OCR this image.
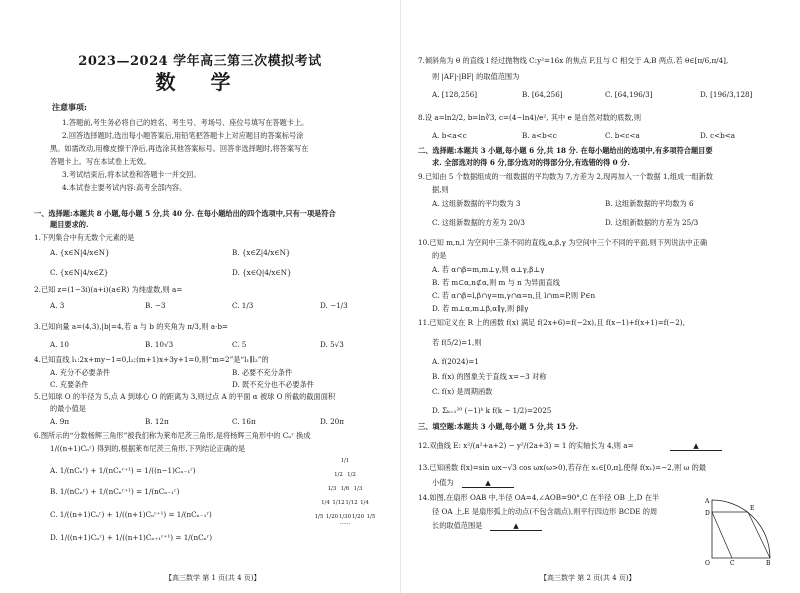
2023—2024 学年高三第三次模拟考试
数 学
注意事项:
1.答题前,考生务必将自己的姓名、考生号、考场号、座位号填写在答题卡上。
2.回答选择题时,选出每小题答案后,用铅笔把答题卡上对应题目的答案标号涂
黑。如需改动,用橡皮擦干净后,再选涂其他答案标号。回答非选择题时,将答案写在
答题卡上。写在本试卷上无效。
3.考试结束后,将本试卷和答题卡一并交回。
4.本试卷主要考试内容:高考全部内容。
一、选择题:本题共 8 小题,每小题 5 分,共 40 分. 在每小题给出的四个选项中,只有一项是符合
题目要求的.
1.下列集合中有无数个元素的是
A. {x∈N|4/x∈N}	B. {x∈Z|4/x∈N}
C. {x∈N|4/x∈Z}	D. {x∈Q|4/x∈N}
2.已知 z=(1−3i)(a+i)(a∈R) 为纯虚数,则 a=
A. 3	B. −3	C. 1/3	D. −1/3
3.已知向量 a=(4,3),|b|=4,若 a 与 b 的夹角为 π/3,则 a·b=
A. 10	B. 10√3	C. 5	D. 5√3
4.已知直线 l₁:2x+my−1=0,l₂:(m+1)x+3y+1=0,则“m=2”是“l₁∥l₂”的
A. 充分不必要条件	B. 必要不充分条件
C. 充要条件	D. 既不充分也不必要条件
5.已知球 O 的半径为 5,点 A 到球心 O 的距离为 3,则过点 A 的平面 α 被球 O 所截的截面面积
的最小值是
A. 9π	B. 12π	C. 16π	D. 20π
6.图所示的“分数杨辉三角形”被我们称为莱布尼茨三角形,是将杨辉三角形中的 Cₙʳ 换成
1/((n+1)Cₙʳ) 得到的,根据莱布尼茨三角形,下列结论正确的是
A. 1/(nCₙʳ) + 1/(nCₙʳ⁺¹) = 1/((n−1)Cₙ₋₁ʳ)
B. 1/(nCₙʳ) + 1/(nCₙʳ⁺¹) = 1/(nCₙ₋₁ʳ)
C. 1/((n+1)Cₙʳ) + 1/((n+1)Cₙʳ⁺¹) = 1/(nCₙ₋₁ʳ)
D. 1/((n+1)Cₙʳ) + 1/((n+1)Cₙ₊₁ʳ⁺¹) = 1/(nCₙʳ)
1/1
1/2 1/2
1/3 1/6 1/3
1/4 1/121/12 1/4
1/5 1/201/301/20 1/5
……
【高三数学 第 1 页(共 4 页)】
7.倾斜角为 θ 的直线 l 经过抛物线 C:y²=16x 的焦点 F,且与 C 相交于 A,B 两点.若 θ∈[π/6,π/4],
则 |AF|·|BF| 的取值范围为
A. [128,256]	B. [64,256]	C. [64,196/3]	D. [196/3,128]
8.设 a=ln2/2, b=ln∛3, c=(4−ln4)/e², 其中 e 是自然对数的底数,则
A. b<a<c	B. a<b<c	C. b<c<a	D. c<b<a
二、选择题:本题共 3 小题,每小题 6 分,共 18 分. 在每小题给出的选项中,有多项符合题目要
求. 全部选对的得 6 分,部分选对的得部分分,有选错的得 0 分.
9.已知由 5 个数据组成的一组数据的平均数为 7,方差为 2,现再加入一个数据 1,组成一组新数
据,则
A. 这组新数据的平均数为 3	B. 这组新数据的平均数为 6
C. 这组新数据的方差为 20/3	D. 这组新数据的方差为 25/3
10.已知 m,n,l 为空间中三条不同的直线,α,β,γ 为空间中三个不同的平面,则下列说法中正确
的是
A. 若 α∩β=m,m⊥γ,则 α⊥γ,β⊥γ
B. 若 m⊂α,n⊄α,则 m 与 n 为异面直线
C. 若 α∩β=l,β∩γ=m,γ∩α=n,且 l∩m=P,则 P∈n
D. 若 m⊥α,m⊥β,α∥γ,则 β∥γ
11.已知定义在 R 上的函数 f(x) 满足 f(2x+6)=f(−2x),且 f(x−1)+f(x+1)=f(−2),
若 f(5/2)=1,则
A. f(2024)=1
B. f(x) 的图象关于直线 x=−3 对称
C. f(x) 是周期函数
D. Σₖ₌₁²⁰ (−1)ᵏ k f(k − 1/2)=2025
三、填空题:本题共 3 小题,每小题 5 分,共 15 分.
12.双曲线 E: x²/(a²+a+2) − y²/(2a+3) = 1 的实轴长为 4,则 a=	▲
13.已知函数 f(x)=sin ωx−√3 cos ωx(ω>0),若存在 x₁∈[0,π],使得 f(x₁)=−2,则 ω 的最
小值为	▲
14.如图,在扇形 OAB 中,半径 OA=4,∠AOB=90°,C 在半径 OB 上,D 在半
径 OA 上,E 是扇形弧上的动点(不包含端点),则平行四边形 BCDE 的周
长的取值范围是	▲
A
D
E
O	C	B
【高三数学 第 2 页(共 4 页)】
